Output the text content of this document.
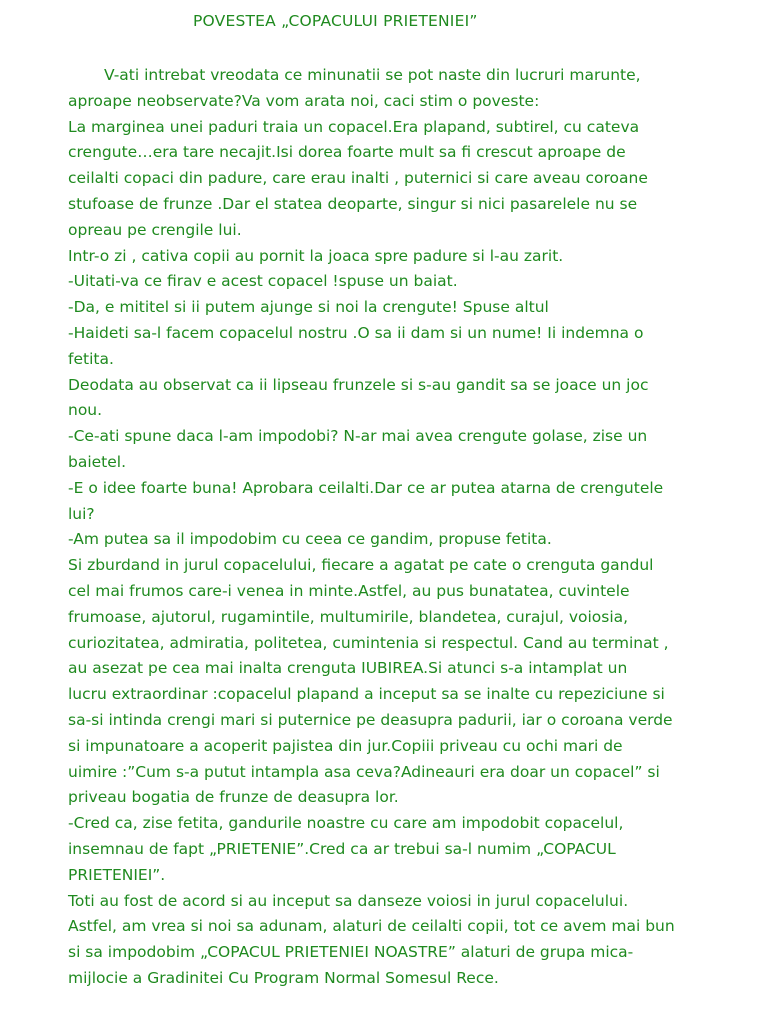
POVESTEA „COPACULUI PRIETENIEI”
V-ati intrebat vreodata ce minunatii se pot naste din lucruri marunte,
aproape neobservate?Va vom arata noi, caci stim o poveste:
La marginea unei paduri traia un copacel.Era plapand, subtirel, cu cateva
crengute…era tare necajit.Isi dorea foarte mult sa fi crescut aproape de
ceilalti copaci din padure, care erau inalti , puternici si care aveau coroane
stufoase de frunze .Dar el statea deoparte, singur si nici pasarelele nu se
opreau pe crengile lui.
Intr-o zi , cativa copii au pornit la joaca spre padure si l-au zarit.
-Uitati-va ce firav e acest copacel !spuse un baiat.
-Da, e mititel si ii putem ajunge si noi la crengute! Spuse altul
-Haideti sa-l facem copacelul nostru .O sa ii dam si un nume! Ii indemna o
fetita.
Deodata au observat ca ii lipseau frunzele si s-au gandit sa se joace un joc
nou.
-Ce-ati spune daca l-am impodobi? N-ar mai avea crengute golase, zise un
baietel.
-E o idee foarte buna! Aprobara ceilalti.Dar ce ar putea atarna de crengutele
lui?
-Am putea sa il impodobim cu ceea ce gandim, propuse fetita.
Si zburdand in jurul copacelului, fiecare a agatat pe cate o crenguta gandul
cel mai frumos care-i venea in minte.Astfel, au pus bunatatea, cuvintele
frumoase, ajutorul, rugamintile, multumirile, blandetea, curajul, voiosia,
curiozitatea, admiratia, politetea, cumintenia si respectul. Cand au terminat ,
au asezat pe cea mai inalta crenguta IUBIREA.Si atunci s-a intamplat un
lucru extraordinar :copacelul plapand a inceput sa se inalte cu repeziciune si
sa-si intinda crengi mari si puternice pe deasupra padurii, iar o coroana verde
si impunatoare a acoperit pajistea din jur.Copiii priveau cu ochi mari de
uimire :”Cum s-a putut intampla asa ceva?Adineauri era doar un copacel” si
priveau bogatia de frunze de deasupra lor.
-Cred ca, zise fetita, gandurile noastre cu care am impodobit copacelul,
insemnau de fapt „PRIETENIE”.Cred ca ar trebui sa-l numim „COPACUL
PRIETENIEI”.
Toti au fost de acord si au inceput sa danseze voiosi in jurul copacelului.
Astfel, am vrea si noi sa adunam, alaturi de ceilalti copii, tot ce avem mai bun
si sa impodobim „COPACUL PRIETENIEI NOASTRE” alaturi de grupa mica-
mijlocie a Gradinitei Cu Program Normal Somesul Rece.
